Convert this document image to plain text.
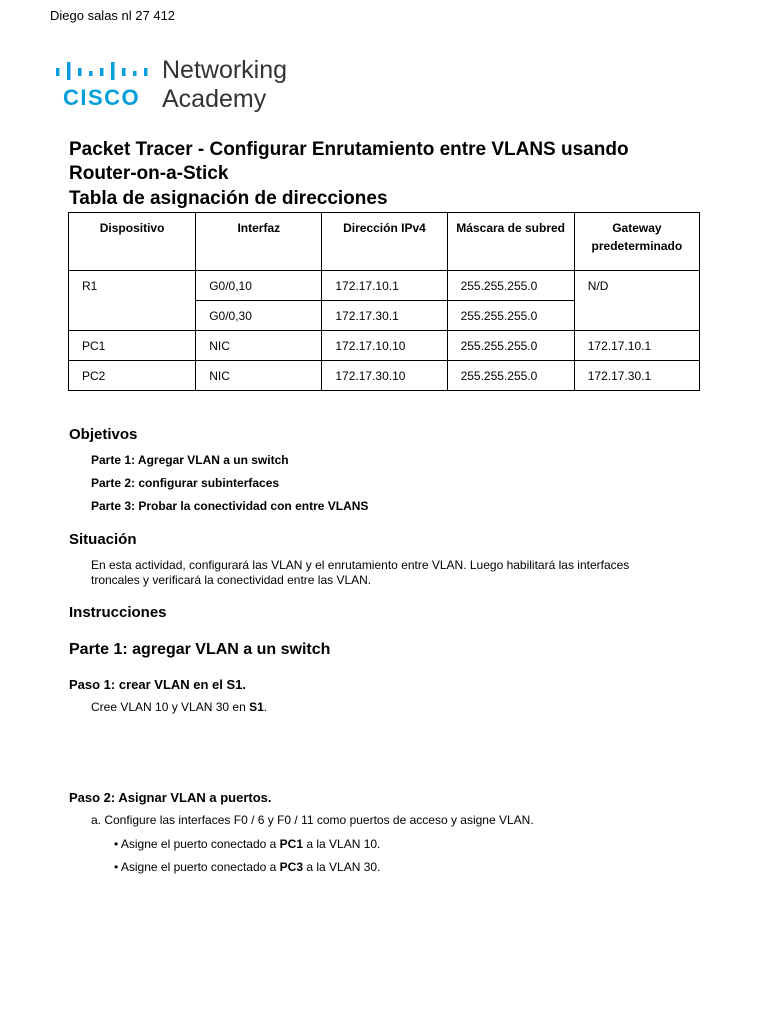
Diego salas nl 27 412
CISCO
Networking
Academy
Packet Tracer - Configurar Enrutamiento entre VLANS usando Router-on-a-Stick
Tabla de asignación de direcciones
Dispositivo	Interfaz	Dirección IPv4	Máscara de subred	Gateway predeterminado
R1	G0/0,10	172.17.10.1	255.255.255.0	N/D
	G0/0,30	172.17.30.1	255.255.255.0	
PC1	NIC	172.17.10.10	255.255.255.0	172.17.10.1
PC2	NIC	172.17.30.10	255.255.255.0	172.17.30.1
Objetivos
Parte 1: Agregar VLAN a un switch
Parte 2: configurar subinterfaces
Parte 3: Probar la conectividad con entre VLANS
Situación
En esta actividad, configurará las VLAN y el enrutamiento entre VLAN. Luego habilitará las interfaces troncales y verificará la conectividad entre las VLAN.
Instrucciones
Parte 1: agregar VLAN a un switch
Paso 1: crear VLAN en el S1.
Cree VLAN 10 y VLAN 30 en S1.
Paso 2: Asignar VLAN a puertos.
a. Configure las interfaces F0 / 6 y F0 / 11 como puertos de acceso y asigne VLAN.
• Asigne el puerto conectado a PC1 a la VLAN 10.
• Asigne el puerto conectado a PC3 a la VLAN 30.
